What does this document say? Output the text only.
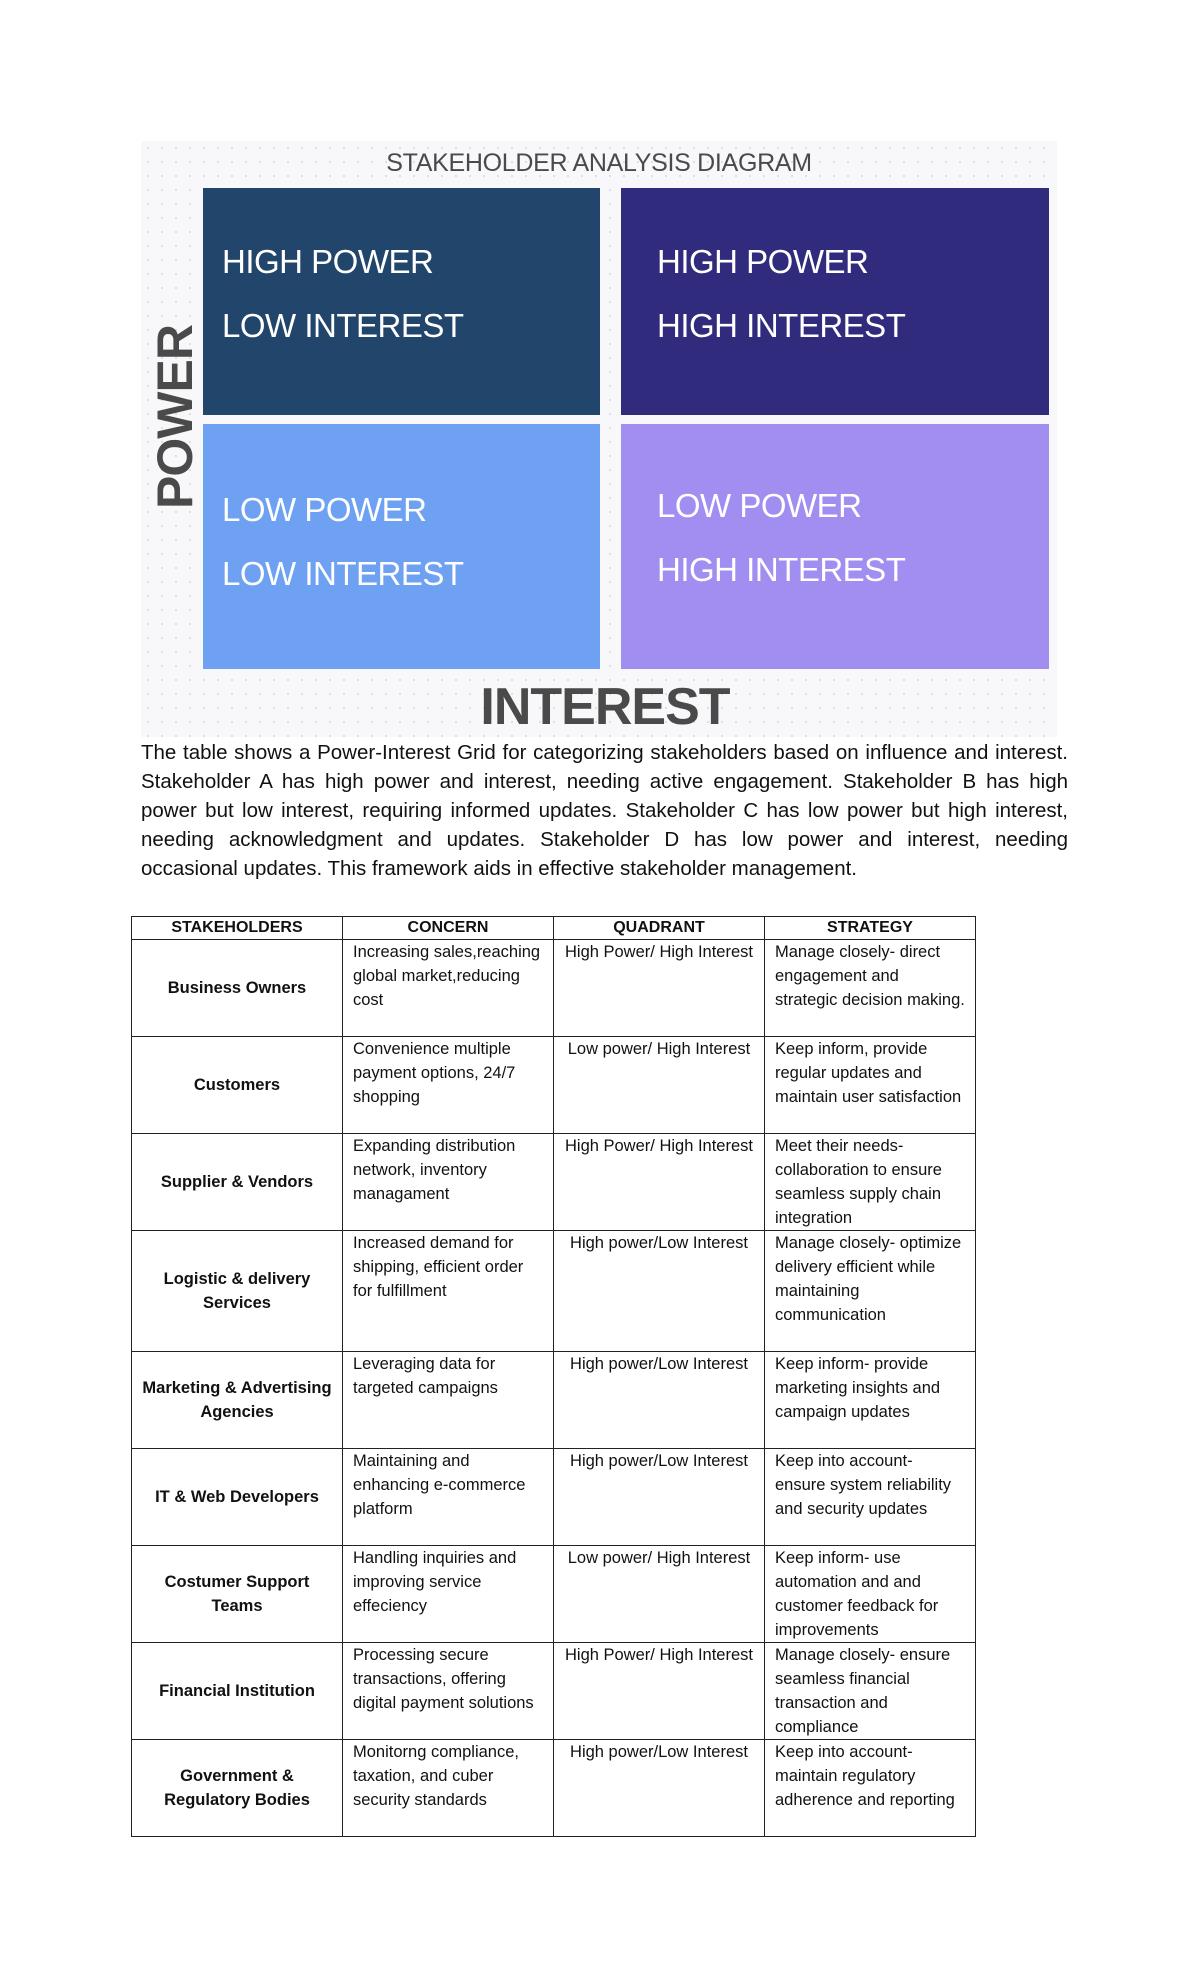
STAKEHOLDER ANALYSIS DIAGRAM
HIGH POWER
LOW INTEREST
HIGH POWER
HIGH INTEREST
LOW POWER
LOW INTEREST
LOW POWER
HIGH INTEREST
POWER
INTEREST

The table shows a Power-Interest Grid for categorizing stakeholders based on influence and interest. Stakeholder A has high power and interest, needing active engagement. Stakeholder B has high power but low interest, requiring informed updates. Stakeholder C has low power but high interest, needing acknowledgment and updates. Stakeholder D has low power and interest, needing occasional updates. This framework aids in effective stakeholder management.

STAKEHOLDERS	CONCERN	QUADRANT	STRATEGY
Business Owners	Increasing sales,reaching global market,reducing cost	High Power/ High Interest	Manage closely- direct engagement and strategic decision making.
Customers	Convenience multiple payment options, 24/7 shopping	Low power/ High Interest	Keep inform, provide regular updates and maintain user satisfaction
Supplier & Vendors	Expanding distribution network, inventory managament	High Power/ High Interest	Meet their needs- collaboration to ensure seamless supply chain integration
Logistic & delivery Services	Increased demand for shipping, efficient order for fulfillment	High power/Low Interest	Manage closely- optimize delivery efficient while maintaining communication
Marketing & Advertising Agencies	Leveraging data for targeted campaigns	High power/Low Interest	Keep inform- provide marketing insights and campaign updates
IT & Web Developers	Maintaining and enhancing e-commerce platform	High power/Low Interest	Keep into account- ensure system reliability and security updates
Costumer Support Teams	Handling inquiries and improving service effeciency	Low power/ High Interest	Keep inform- use automation and and customer feedback for improvements
Financial Institution	Processing secure transactions, offering digital payment solutions	High Power/ High Interest	Manage closely- ensure seamless financial transaction and compliance
Government & Regulatory Bodies	Monitorng compliance, taxation, and cuber security standards	High power/Low Interest	Keep into account- maintain regulatory adherence and reporting
